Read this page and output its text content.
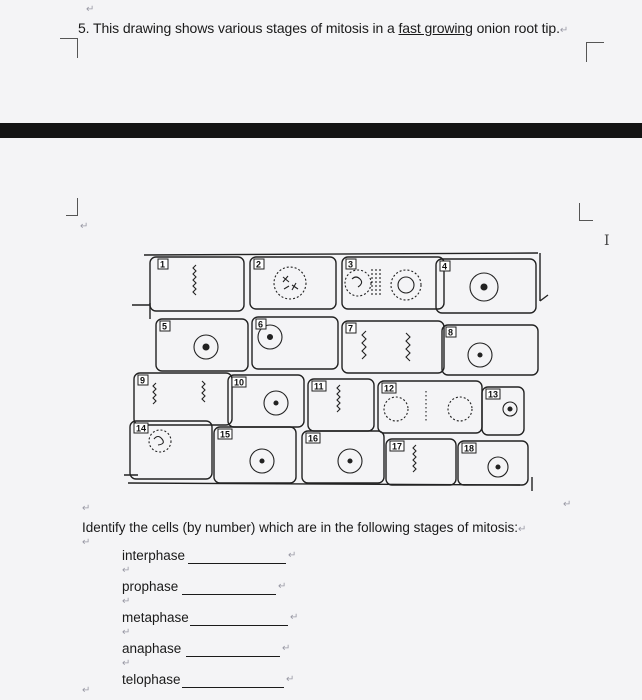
↵
5. This drawing shows various stages of mitosis in a fast growing onion root tip.↵
↵
I
1	2	3	4
5	6	7	8
9	10	11	12
13
14
15	16
17	18
↵	↵
Identify the cells (by number) which are in the following stages of mitosis:↵
↵
interphase	↵
↵
prophase	↵
↵
metaphase	↵
↵
anaphase	↵
↵
telophase	↵
↵
